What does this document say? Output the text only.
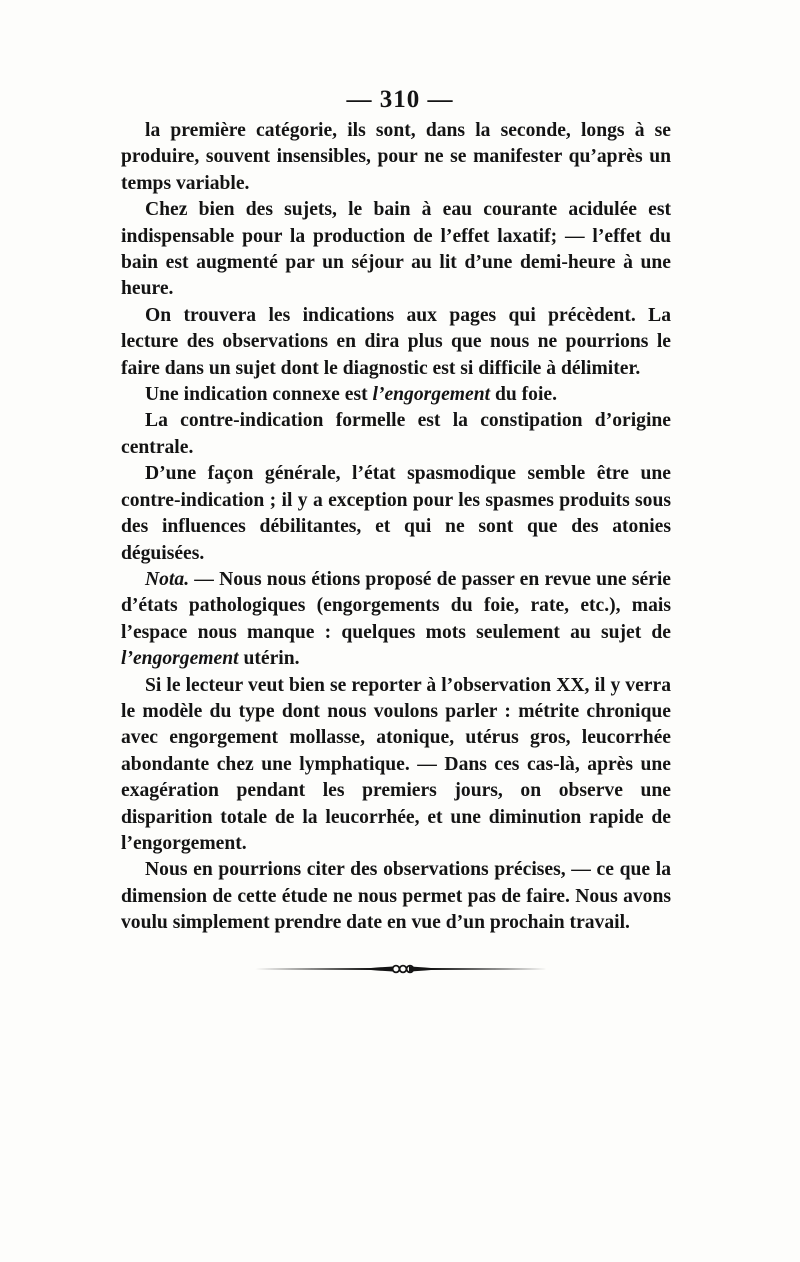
— 310 —

la première catégorie, ils sont, dans la seconde, longs à se produire, souvent insensibles, pour ne se manifester qu’après un temps variable.

Chez bien des sujets, le bain à eau courante acidulée est indispensable pour la production de l’effet laxatif; — l’effet du bain est augmenté par un séjour au lit d’une demi-heure à une heure.

On trouvera les indications aux pages qui précèdent. La lecture des observations en dira plus que nous ne pourrions le faire dans un sujet dont le diagnostic est si difficile à délimiter.

Une indication connexe est l’engorgement du foie.

La contre-indication formelle est la constipation d’origine centrale.

D’une façon générale, l’état spasmodique semble être une contre-indication ; il y a exception pour les spasmes produits sous des influences débilitantes, et qui ne sont que des atonies déguisées.

Nota. — Nous nous étions proposé de passer en revue une série d’états pathologiques (engorgements du foie, rate, etc.), mais l’espace nous manque : quelques mots seulement au sujet de l’engorgement utérin.

Si le lecteur veut bien se reporter à l’observation XX, il y verra le modèle du type dont nous voulons parler : métrite chronique avec engorgement mollasse, atonique, utérus gros, leucorrhée abondante chez une lymphatique. — Dans ces cas-là, après une exagération pendant les premiers jours, on observe une disparition totale de la leucorrhée, et une diminution rapide de l’engorgement.

Nous en pourrions citer des observations précises, — ce que la dimension de cette étude ne nous permet pas de faire. Nous avons voulu simplement prendre date en vue d’un prochain travail.
